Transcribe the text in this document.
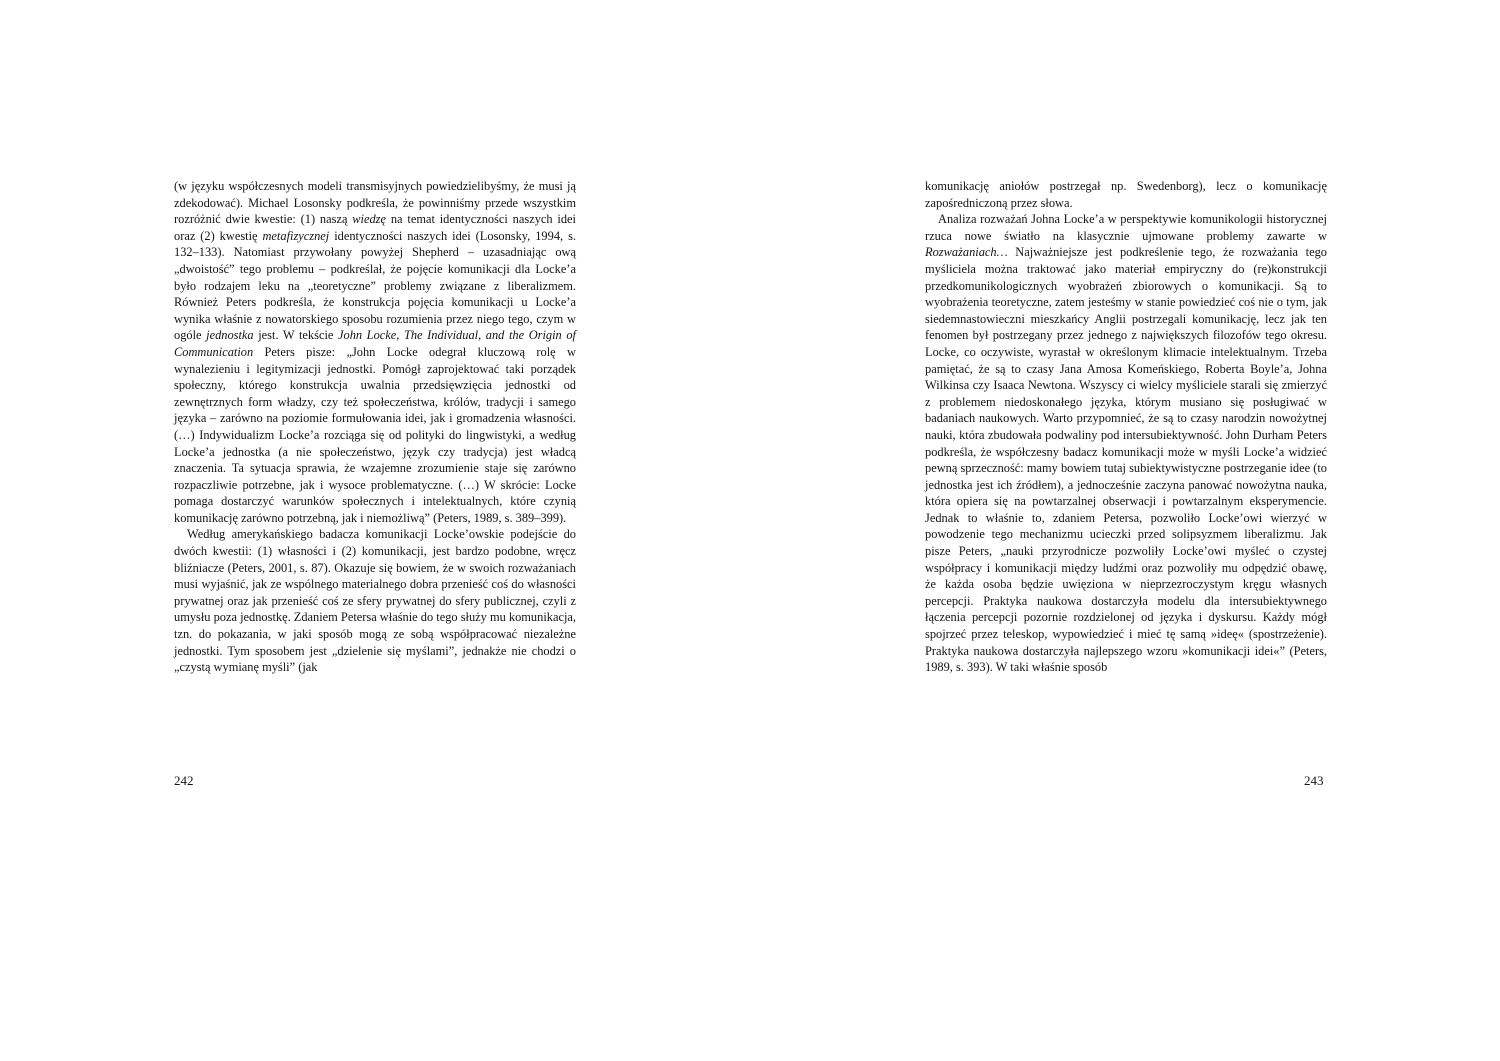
(w języku współczesnych modeli transmisyjnych powiedzielibyśmy, że musi ją zdekodować). Michael Losonsky podkreśla, że powinniśmy przede wszystkim rozróżnić dwie kwestie: (1) naszą wiedzę na temat identyczności naszych idei oraz (2) kwestię metafizycznej identyczności naszych idei (Losonsky, 1994, s. 132–133). Natomiast przywołany powyżej Shepherd – uzasadniając ową „dwoistość” tego problemu – podkreślał, że pojęcie komunikacji dla Locke’a było rodzajem leku na „teoretyczne” problemy związane z liberalizmem. Również Peters podkreśla, że konstrukcja pojęcia komunikacji u Locke’a wynika właśnie z nowatorskiego sposobu rozumienia przez niego tego, czym w ogóle jednostka jest. W tekście John Locke, The Individual, and the Origin of Communication Peters pisze: „John Locke odegrał kluczową rolę w wynalezieniu i legitymizacji jednostki. Pomógł zaprojektować taki porządek społeczny, którego konstrukcja uwalnia przedsięwzięcia jednostki od zewnętrznych form władzy, czy też społeczeństwa, królów, tradycji i samego języka – zarówno na poziomie formułowania idei, jak i gromadzenia własności. (…) Indywidualizm Locke’a rozciąga się od polityki do lingwistyki, a według Locke’a jednostka (a nie społeczeństwo, język czy tradycja) jest władcą znaczenia. Ta sytuacja sprawia, że wzajemne zrozumienie staje się zarówno rozpaczliwie potrzebne, jak i wysoce problematyczne. (…) W skrócie: Locke pomaga dostarczyć warunków społecznych i intelektualnych, które czynią komunikację zarówno potrzebną, jak i niemożliwą” (Peters, 1989, s. 389–399).

Według amerykańskiego badacza komunikacji Locke’owskie podejście do dwóch kwestii: (1) własności i (2) komunikacji, jest bardzo podobne, wręcz bliźniacze (Peters, 2001, s. 87). Okazuje się bowiem, że w swoich rozważaniach musi wyjaśnić, jak ze wspólnego materialnego dobra przenieść coś do własności prywatnej oraz jak przenieść coś ze sfery prywatnej do sfery publicznej, czyli z umysłu poza jednostkę. Zdaniem Petersa właśnie do tego służy mu komunikacja, tzn. do pokazania, w jaki sposób mogą ze sobą współpracować niezależne jednostki. Tym sposobem jest „dzielenie się myślami”, jednakże nie chodzi o „czystą wymianę myśli” (jak

242

komunikację aniołów postrzegał np. Swedenborg), lecz o komunikację zapośredniczoną przez słowa.

Analiza rozważań Johna Locke’a w perspektywie komunikologii historycznej rzuca nowe światło na klasycznie ujmowane problemy zawarte w Rozważaniach… Najważniejsze jest podkreślenie tego, że rozważania tego myśliciela można traktować jako materiał empiryczny do (re)konstrukcji przedkomunikologicznych wyobrażeń zbiorowych o komunikacji. Są to wyobrażenia teoretyczne, zatem jesteśmy w stanie powiedzieć coś nie o tym, jak siedemnastowieczni mieszkańcy Anglii postrzegali komunikację, lecz jak ten fenomen był postrzegany przez jednego z największych filozofów tego okresu. Locke, co oczywiste, wyrastał w określonym klimacie intelektualnym. Trzeba pamiętać, że są to czasy Jana Amosa Komeńskiego, Roberta Boyle’a, Johna Wilkinsa czy Isaaca Newtona. Wszyscy ci wielcy myśliciele starali się zmierzyć z problemem niedoskonałego języka, którym musiano się posługiwać w badaniach naukowych. Warto przypomnieć, że są to czasy narodzin nowożytnej nauki, która zbudowała podwaliny pod intersubiektywność. John Durham Peters podkreśla, że współczesny badacz komunikacji może w myśli Locke’a widzieć pewną sprzeczność: mamy bowiem tutaj subiektywistyczne postrzeganie idee (to jednostka jest ich źródłem), a jednocześnie zaczyna panować nowożytna nauka, która opiera się na powtarzalnej obserwacji i powtarzalnym eksperymencie. Jednak to właśnie to, zdaniem Petersa, pozwoliło Locke’owi wierzyć w powodzenie tego mechanizmu ucieczki przed solipsyzmem liberalizmu. Jak pisze Peters, „nauki przyrodnicze pozwoliły Locke’owi myśleć o czystej współpracy i komunikacji między ludźmi oraz pozwoliły mu odpędzić obawę, że każda osoba będzie uwięziona w nieprzezroczystym kręgu własnych percepcji. Praktyka naukowa dostarczyła modelu dla intersubiektywnego łączenia percepcji pozornie rozdzielonej od języka i dyskursu. Każdy mógł spojrzeć przez teleskop, wypowiedzieć i mieć tę samą »ideę« (spostrzeżenie). Praktyka naukowa dostarczyła najlepszego wzoru »komunikacji idei«” (Peters, 1989, s. 393). W taki właśnie sposób

243
